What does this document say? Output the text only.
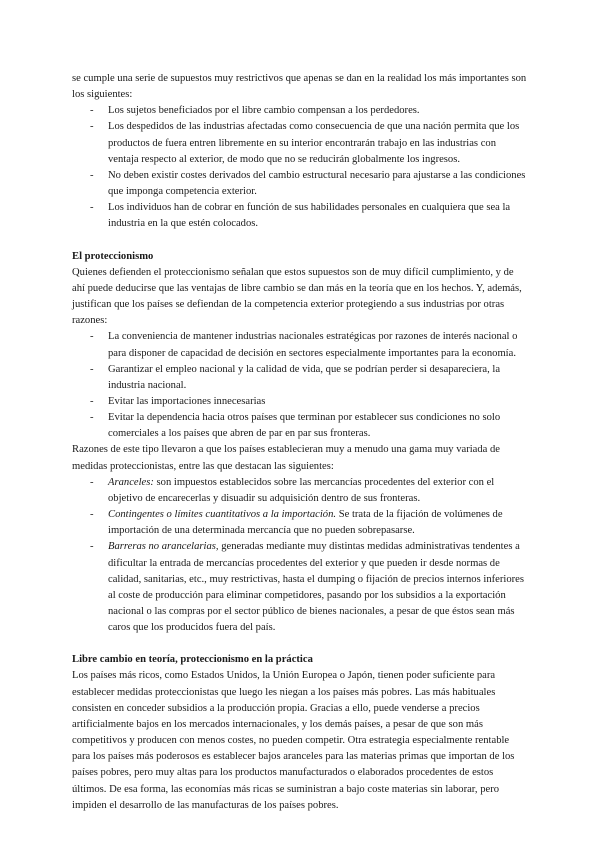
se cumple una serie de supuestos muy restrictivos que apenas se dan en la realidad los más importantes son los siguientes:

- Los sujetos beneficiados por el libre cambio compensan a los perdedores.
- Los despedidos de las industrias afectadas como consecuencia de que una nación permita que los productos de fuera entren libremente en su interior encontrarán trabajo en las industrias con ventaja respecto al exterior, de modo que no se reducirán globalmente los ingresos.
- No deben existir costes derivados del cambio estructural necesario para ajustarse a las condiciones que imponga competencia exterior.
- Los individuos han de cobrar en función de sus habilidades personales en cualquiera que sea la industria en la que estén colocados.

El proteccionismo

Quienes defienden el proteccionismo señalan que estos supuestos son de muy difícil cumplimiento, y de ahí puede deducirse que las ventajas de libre cambio se dan más en la teoría que en los hechos. Y, además, justifican que los países se defiendan de la competencia exterior protegiendo a sus industrias por otras razones:

- La conveniencia de mantener industrias nacionales estratégicas por razones de interés nacional o para disponer de capacidad de decisión en sectores especialmente importantes para la economía.
- Garantizar el empleo nacional y la calidad de vida, que se podrían perder si desapareciera, la industria nacional.
- Evitar las importaciones innecesarias
- Evitar la dependencia hacia otros países que terminan por establecer sus condiciones no solo comerciales a los países que abren de par en par sus fronteras.

Razones de este tipo llevaron a que los países establecieran muy a menudo una gama muy variada de medidas proteccionistas, entre las que destacan las siguientes:

- Aranceles: son impuestos establecidos sobre las mercancías procedentes del exterior con el objetivo de encarecerlas y disuadir su adquisición dentro de sus fronteras.
- Contingentes o límites cuantitativos a la importación. Se trata de la fijación de volúmenes de importación de una determinada mercancía que no pueden sobrepasarse.
- Barreras no arancelarias, generadas mediante muy distintas medidas administrativas tendentes a dificultar la entrada de mercancías procedentes del exterior y que pueden ir desde normas de calidad, sanitarias, etc., muy restrictivas, hasta el dumping o fijación de precios internos inferiores al coste de producción para eliminar competidores, pasando por los subsidios a la exportación nacional o las compras por el sector público de bienes nacionales, a pesar de que éstos sean más caros que los producidos fuera del país.

Libre cambio en teoría, proteccionismo en la práctica

Los países más ricos, como Estados Unidos, la Unión Europea o Japón, tienen poder suficiente para establecer medidas proteccionistas que luego les niegan a los países más pobres. Las más habituales consisten en conceder subsidios a la producción propia. Gracias a ello, puede venderse a precios artificialmente bajos en los mercados internacionales, y los demás países, a pesar de que son más competitivos y producen con menos costes, no pueden competir. Otra estrategia especialmente rentable para los países más poderosos es establecer bajos aranceles para las materias primas que importan de los países pobres, pero muy altas para los productos manufacturados o elaborados procedentes de estos últimos. De esa forma, las economías más ricas se suministran a bajo coste materias sin laborar, pero impiden el desarrollo de las manufacturas de los países pobres.
